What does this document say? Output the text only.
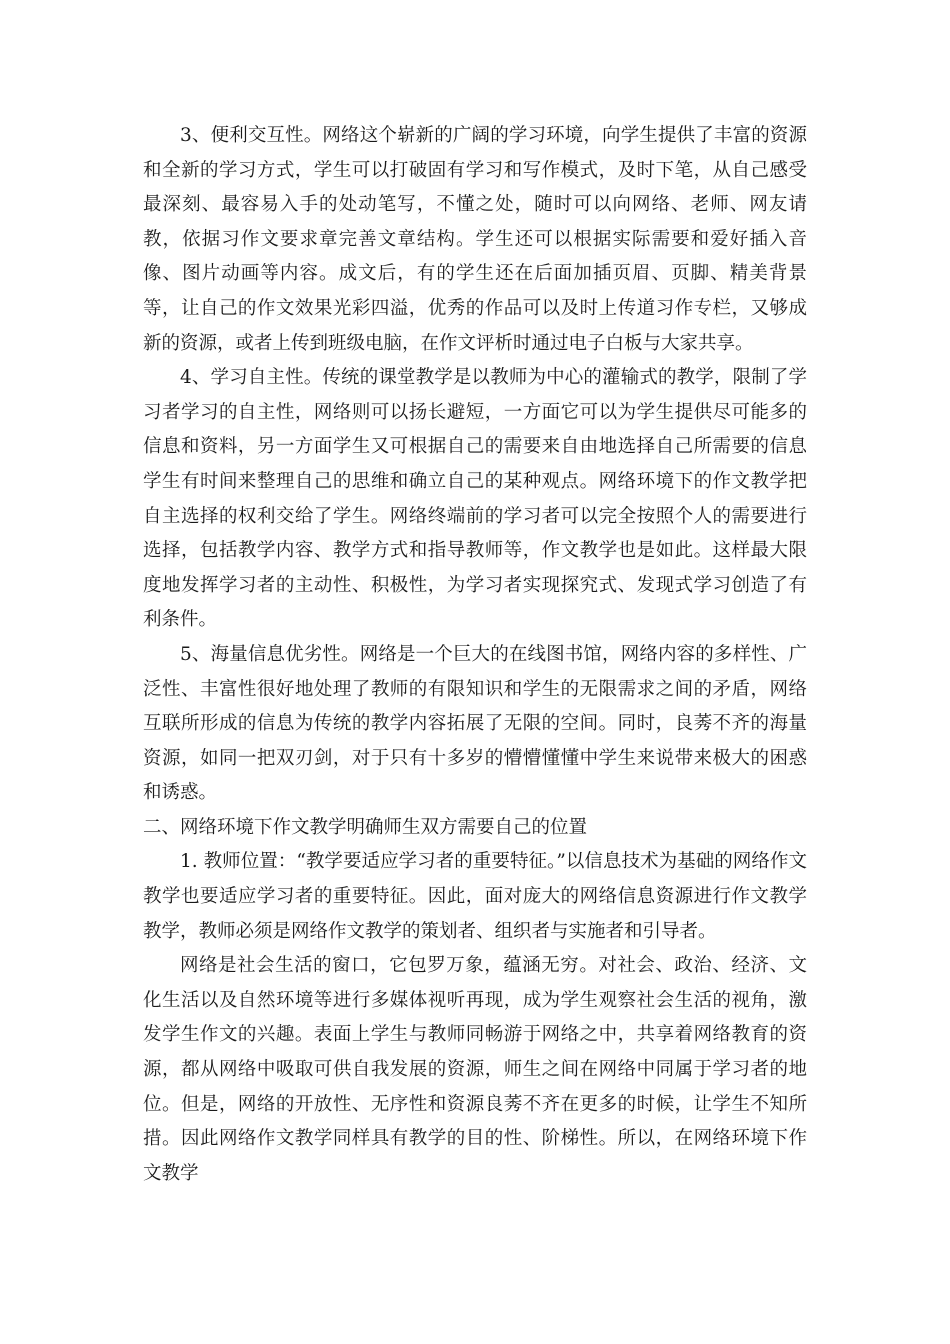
3、便利交互性。网络这个崭新的广阔的学习环境，向学生提供了丰富的资源和全新的学习方式，学生可以打破固有学习和写作模式，及时下笔，从自己感受最深刻、最容易入手的处动笔写，不懂之处，随时可以向网络、老师、网友请教，依据习作文要求章完善文章结构。学生还可以根据实际需要和爱好插入音像、图片动画等内容。成文后，有的学生还在后面加插页眉、页脚、精美背景等，让自己的作文效果光彩四溢，优秀的作品可以及时上传道习作专栏，又够成新的资源，或者上传到班级电脑，在作文评析时通过电子白板与大家共享。

4、学习自主性。传统的课堂教学是以教师为中心的灌输式的教学，限制了学习者学习的自主性，网络则可以扬长避短，一方面它可以为学生提供尽可能多的信息和资料，另一方面学生又可根据自己的需要来自由地选择自己所需要的信息学生有时间来整理自己的思维和确立自己的某种观点。网络环境下的作文教学把自主选择的权利交给了学生。网络终端前的学习者可以完全按照个人的需要进行选择，包括教学内容、教学方式和指导教师等，作文教学也是如此。这样最大限度地发挥学习者的主动性、积极性，为学习者实现探究式、发现式学习创造了有利条件。

5、海量信息优劣性。网络是一个巨大的在线图书馆，网络内容的多样性、广泛性、丰富性很好地处理了教师的有限知识和学生的无限需求之间的矛盾，网络互联所形成的信息为传统的教学内容拓展了无限的空间。同时，良莠不齐的海量资源，如同一把双刃剑，对于只有十多岁的懵懵懂懂中学生来说带来极大的困惑和诱惑。

二、网络环境下作文教学明确师生双方需要自己的位置

1. 教师位置：“教学要适应学习者的重要特征。”以信息技术为基础的网络作文教学也要适应学习者的重要特征。因此，面对庞大的网络信息资源进行作文教学教学，教师必须是网络作文教学的策划者、组织者与实施者和引导者。

网络是社会生活的窗口，它包罗万象，蕴涵无穷。对社会、政治、经济、文化生活以及自然环境等进行多媒体视听再现，成为学生观察社会生活的视角，激发学生作文的兴趣。表面上学生与教师同畅游于网络之中，共享着网络教育的资源，都从网络中吸取可供自我发展的资源，师生之间在网络中同属于学习者的地位。但是，网络的开放性、无序性和资源良莠不齐在更多的时候，让学生不知所措。因此网络作文教学同样具有教学的目的性、阶梯性。所以，在网络环境下作文教学
